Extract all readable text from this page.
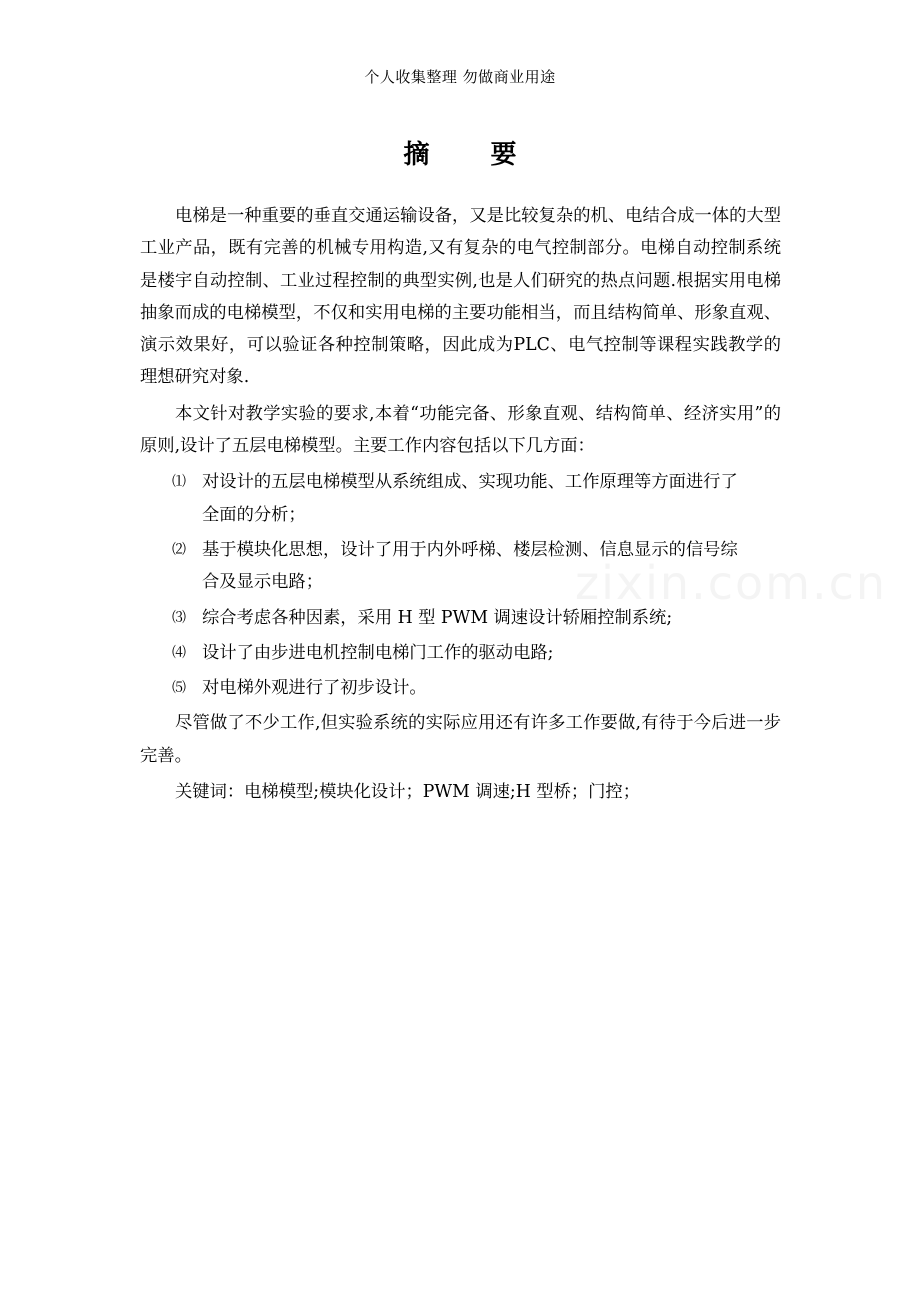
个人收集整理 勿做商业用途
摘 要

电梯是一种重要的垂直交通运输设备，又是比较复杂的机、电结合成一体的大型工业产品，既有完善的机械专用构造,又有复杂的电气控制部分。电梯自动控制系统是楼宇自动控制、工业过程控制的典型实例,也是人们研究的热点问题.根据实用电梯抽象而成的电梯模型，不仅和实用电梯的主要功能相当，而且结构简单、形象直观、演示效果好，可以验证各种控制策略，因此成为PLC、电气控制等课程实践教学的理想研究对象.

本文针对教学实验的要求,本着“功能完备、形象直观、结构简单、经济实用”的原则,设计了五层电梯模型。主要工作内容包括以下几方面：

⑴ 对设计的五层电梯模型从系统组成、实现功能、工作原理等方面进行了
全面的分析；
⑵ 基于模块化思想，设计了用于内外呼梯、楼层检测、信息显示的信号综
合及显示电路；
⑶ 综合考虑各种因素，采用 H 型 PWM 调速设计轿厢控制系统;
⑷ 设计了由步进电机控制电梯门工作的驱动电路;
⑸ 对电梯外观进行了初步设计。

尽管做了不少工作,但实验系统的实际应用还有许多工作要做,有待于今后进一步完善。

关键词：电梯模型;模块化设计；PWM 调速;H 型桥；门控；

zixin.com.cn
